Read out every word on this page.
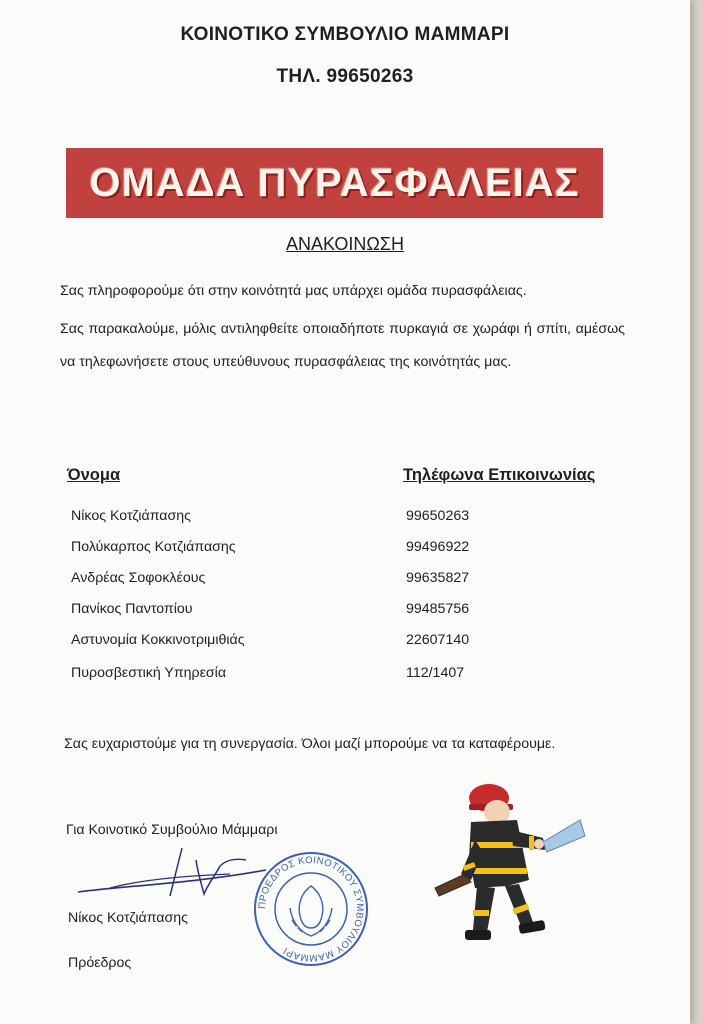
ΚΟΙΝΟΤΙΚΟ ΣΥΜΒΟΥΛΙΟ ΜΑΜΜΑΡΙ
ΤΗΛ. 99650263
ΟΜΑΔΑ ΠΥΡΑΣΦΑΛΕΙΑΣ
ΑΝΑΚΟΙΝΩΣΗ
Σας πληροφορούμε ότι στην κοινότητά μας υπάρχει ομάδα πυρασφάλειας.
Σας παρακαλούμε, μόλις αντιληφθείτε οποιαδήποτε πυρκαγιά σε χωράφι ή σπίτι, αμέσως να τηλεφωνήσετε στους υπεύθυνους πυρασφάλειας της κοινότητάς μας.
Όνομα	Τηλέφωνα Επικοινωνίας
Νίκος Κοτζιάπασης	99650263
Πολύκαρπος Κοτζιάπασης	99496922
Ανδρέας Σοφοκλέους	99635827
Πανίκος Παντοπίου	99485756
Αστυνομία Κοκκινοτριμιθιάς	22607140
Πυροσβεστική Υπηρεσία	112/1407
Σας ευχαριστούμε για τη συνεργασία. Όλοι μαζί μπορούμε να τα καταφέρουμε.
Για Κοινοτικό Συμβούλιο Μάμμαρι
ΠΡΟΕΔΡΟΣ ΚΟΙΝΟΤΙΚΟΥ ΣΥΜΒΟΥΛΙΟΥ ΜΑΜΜΑΡΙ
Νίκος Κοτζιάπασης
Πρόεδρος
